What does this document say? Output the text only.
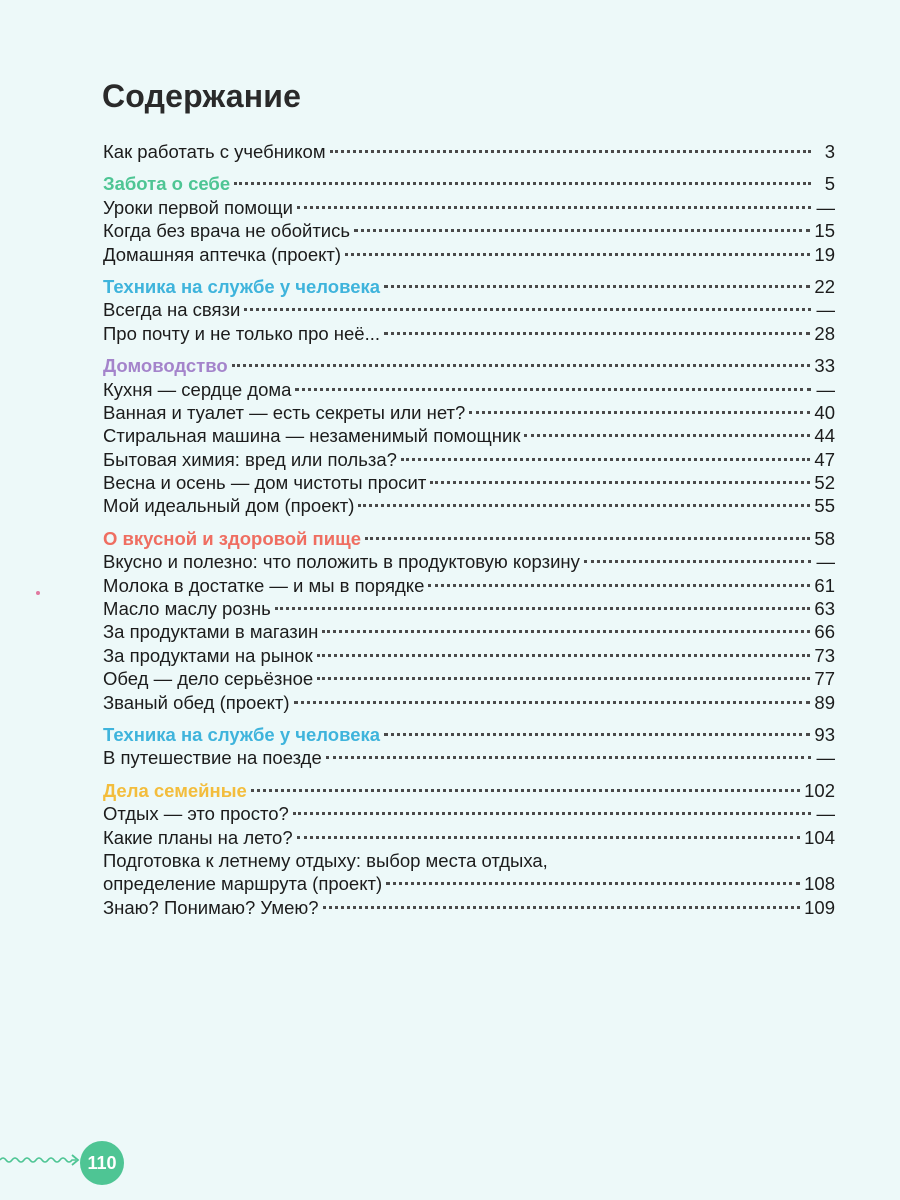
Содержание
Как работать с учебником	3
Забота о себе	5
Уроки первой помощи	—
Когда без врача не обойтись	15
Домашняя аптечка (проект)	19
Техника на службе у человека	22
Всегда на связи	—
Про почту и не только про неё...	28
Домоводство	33
Кухня — сердце дома	—
Ванная и туалет — есть секреты или нет?	40
Стиральная машина — незаменимый помощник	44
Бытовая химия: вред или польза?	47
Весна и осень — дом чистоты просит	52
Мой идеальный дом (проект)	55
О вкусной и здоровой пище	58
Вкусно и полезно: что положить в продуктовую корзину	—
Молока в достатке — и мы в порядке	61
Масло маслу рознь	63
За продуктами в магазин	66
За продуктами на рынок	73
Обед — дело серьёзное	77
Званый обед (проект)	89
Техника на службе у человека	93
В путешествие на поезде	—
Дела семейные	102
Отдых — это просто?	—
Какие планы на лето?	104
Подготовка к летнему отдыху: выбор места отдыха,
определение маршрута (проект)	108
Знаю? Понимаю? Умею?	109
110
